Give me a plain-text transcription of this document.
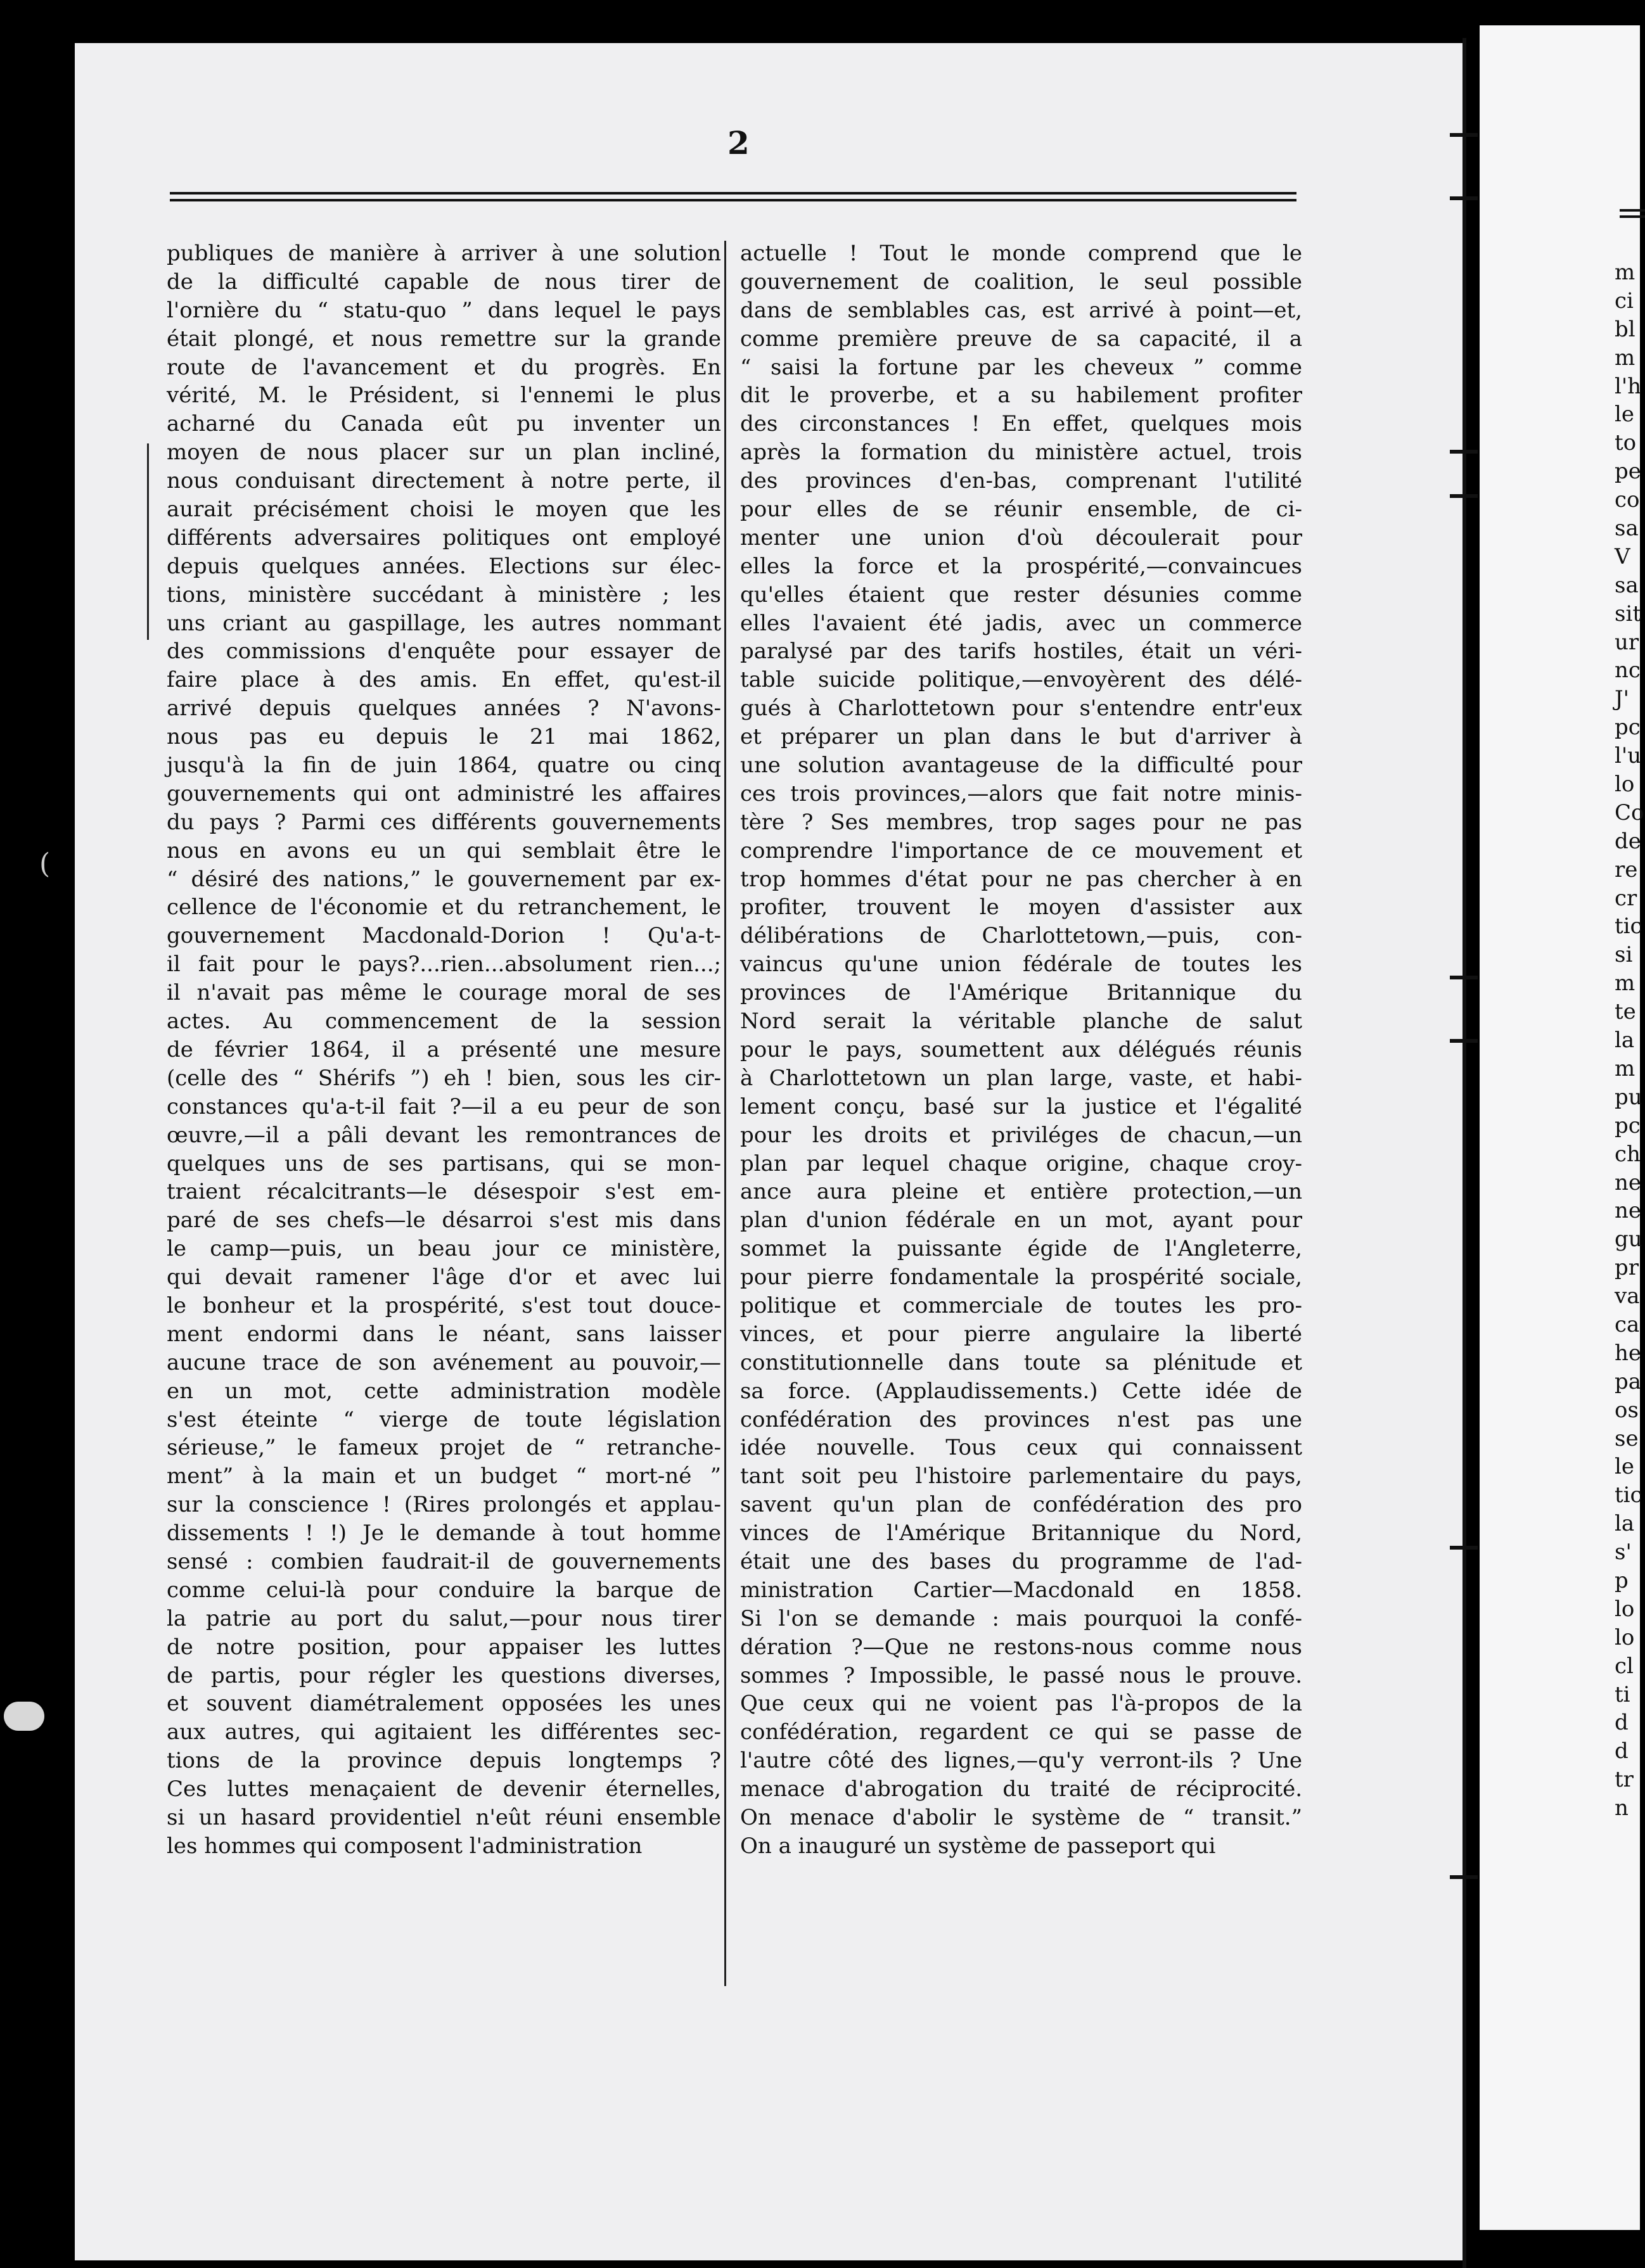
2
(
publiques de manière à arriver à une solution
de la difficulté capable de nous tirer de
l'ornière du “ statu-quo ” dans lequel le pays
était plongé, et nous remettre sur la grande
route de l'avancement et du progrès. En
vérité, M. le Président, si l'ennemi le plus
acharné du Canada eût pu inventer un
moyen de nous placer sur un plan incliné,
nous conduisant directement à notre perte, il
aurait précisément choisi le moyen que les
différents adversaires politiques ont employé
depuis quelques années. Elections sur élec-
tions, ministère succédant à ministère ; les
uns criant au gaspillage, les autres nommant
des commissions d'enquête pour essayer de
faire place à des amis. En effet, qu'est-il
arrivé depuis quelques années ? N'avons-
nous pas eu depuis le 21 mai 1862,
jusqu'à la fin de juin 1864, quatre ou cinq
gouvernements qui ont administré les affaires
du pays ? Parmi ces différents gouvernements
nous en avons eu un qui semblait être le
“ désiré des nations,” le gouvernement par ex-
cellence de l'économie et du retranchement, le
gouvernement Macdonald-Dorion ! Qu'a-t-
il fait pour le pays?...rien...absolument rien...;
il n'avait pas même le courage moral de ses
actes. Au commencement de la session
de février 1864, il a présenté une mesure
(celle des “ Shérifs ”) eh ! bien, sous les cir-
constances qu'a-t-il fait ?—il a eu peur de son
œuvre,—il a pâli devant les remontrances de
quelques uns de ses partisans, qui se mon-
traient récalcitrants—le désespoir s'est em-
paré de ses chefs—le désarroi s'est mis dans
le camp—puis, un beau jour ce ministère,
qui devait ramener l'âge d'or et avec lui
le bonheur et la prospérité, s'est tout douce-
ment endormi dans le néant, sans laisser
aucune trace de son avénement au pouvoir,—
en un mot, cette administration modèle
s'est éteinte “ vierge de toute législation
sérieuse,” le fameux projet de “ retranche-
ment” à la main et un budget “ mort-né ”
sur la conscience ! (Rires prolongés et applau-
dissements ! !) Je le demande à tout homme
sensé : combien faudrait-il de gouvernements
comme celui-là pour conduire la barque de
la patrie au port du salut,—pour nous tirer
de notre position, pour appaiser les luttes
de partis, pour régler les questions diverses,
et souvent diamétralement opposées les unes
aux autres, qui agitaient les différentes sec-
tions de la province depuis longtemps ?
Ces luttes menaçaient de devenir éternelles,
si un hasard providentiel n'eût réuni ensemble
les hommes qui composent l'administration
actuelle ! Tout le monde comprend que le
gouvernement de coalition, le seul possible
dans de semblables cas, est arrivé à point—et,
comme première preuve de sa capacité, il a
“ saisi la fortune par les cheveux ” comme
dit le proverbe, et a su habilement profiter
des circonstances ! En effet, quelques mois
après la formation du ministère actuel, trois
des provinces d'en-bas, comprenant l'utilité
pour elles de se réunir ensemble, de ci-
menter une union d'où découlerait pour
elles la force et la prospérité,—convaincues
qu'elles étaient que rester désunies comme
elles l'avaient été jadis, avec un commerce
paralysé par des tarifs hostiles, était un véri-
table suicide politique,—envoyèrent des délé-
gués à Charlottetown pour s'entendre entr'eux
et préparer un plan dans le but d'arriver à
une solution avantageuse de la difficulté pour
ces trois provinces,—alors que fait notre minis-
tère ? Ses membres, trop sages pour ne pas
comprendre l'importance de ce mouvement et
trop hommes d'état pour ne pas chercher à en
profiter, trouvent le moyen d'assister aux
délibérations de Charlottetown,—puis, con-
vaincus qu'une union fédérale de toutes les
provinces de l'Amérique Britannique du
Nord serait la véritable planche de salut
pour le pays, soumettent aux délégués réunis
à Charlottetown un plan large, vaste, et habi-
lement conçu, basé sur la justice et l'égalité
pour les droits et priviléges de chacun,—un
plan par lequel chaque origine, chaque croy-
ance aura pleine et entière protection,—un
plan d'union fédérale en un mot, ayant pour
sommet la puissante égide de l'Angleterre,
pour pierre fondamentale la prospérité sociale,
politique et commerciale de toutes les pro-
vinces, et pour pierre angulaire la liberté
constitutionnelle dans toute sa plénitude et
sa force. (Applaudissements.) Cette idée de
confédération des provinces n'est pas une
idée nouvelle. Tous ceux qui connaissent
tant soit peu l'histoire parlementaire du pays,
savent qu'un plan de confédération des pro
vinces de l'Amérique Britannique du Nord,
était une des bases du programme de l'ad-
ministration Cartier—Macdonald en 1858.
Si l'on se demande : mais pourquoi la confé-
dération ?—Que ne restons-nous comme nous
sommes ? Impossible, le passé nous le prouve.
Que ceux qui ne voient pas l'à-propos de la
confédération, regardent ce qui se passe de
l'autre côté des lignes,—qu'y verront-ils ? Une
menace d'abrogation du traité de réciprocité.
On menace d'abolir le système de “ transit.”
On a inauguré un système de passeport qui
m
ci
bl
m
l'h
le
to
pe
co
sa
V
sa
sit
ur
nc
J'
pc
l'u
lo
Co
de
re
cr
tic
si
m
te
la
m
pu
pc
ch
ne
ne
gu
pr
va
ca
he
pa
os
se
le
tic
la
s'
p
lo
lo
cl
ti
d
d
tr
n
